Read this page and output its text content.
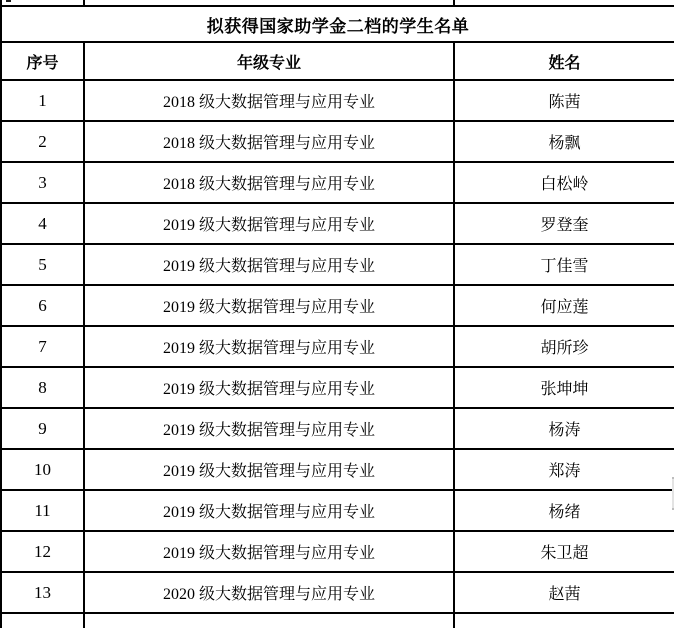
拟获得国家助学金二档的学生名单		
序号	年级专业	姓名
1	2018 级大数据管理与应用专业	陈茜
2	2018 级大数据管理与应用专业	杨飘
3	2018 级大数据管理与应用专业	白松岭
4	2019 级大数据管理与应用专业	罗登奎
5	2019 级大数据管理与应用专业	丁佳雪
6	2019 级大数据管理与应用专业	何应莲
7	2019 级大数据管理与应用专业	胡所珍
8	2019 级大数据管理与应用专业	张坤坤
9	2019 级大数据管理与应用专业	杨涛
10	2019 级大数据管理与应用专业	郑涛
11	2019 级大数据管理与应用专业	杨绪
12	2019 级大数据管理与应用专业	朱卫超
13	2020 级大数据管理与应用专业	赵茜
